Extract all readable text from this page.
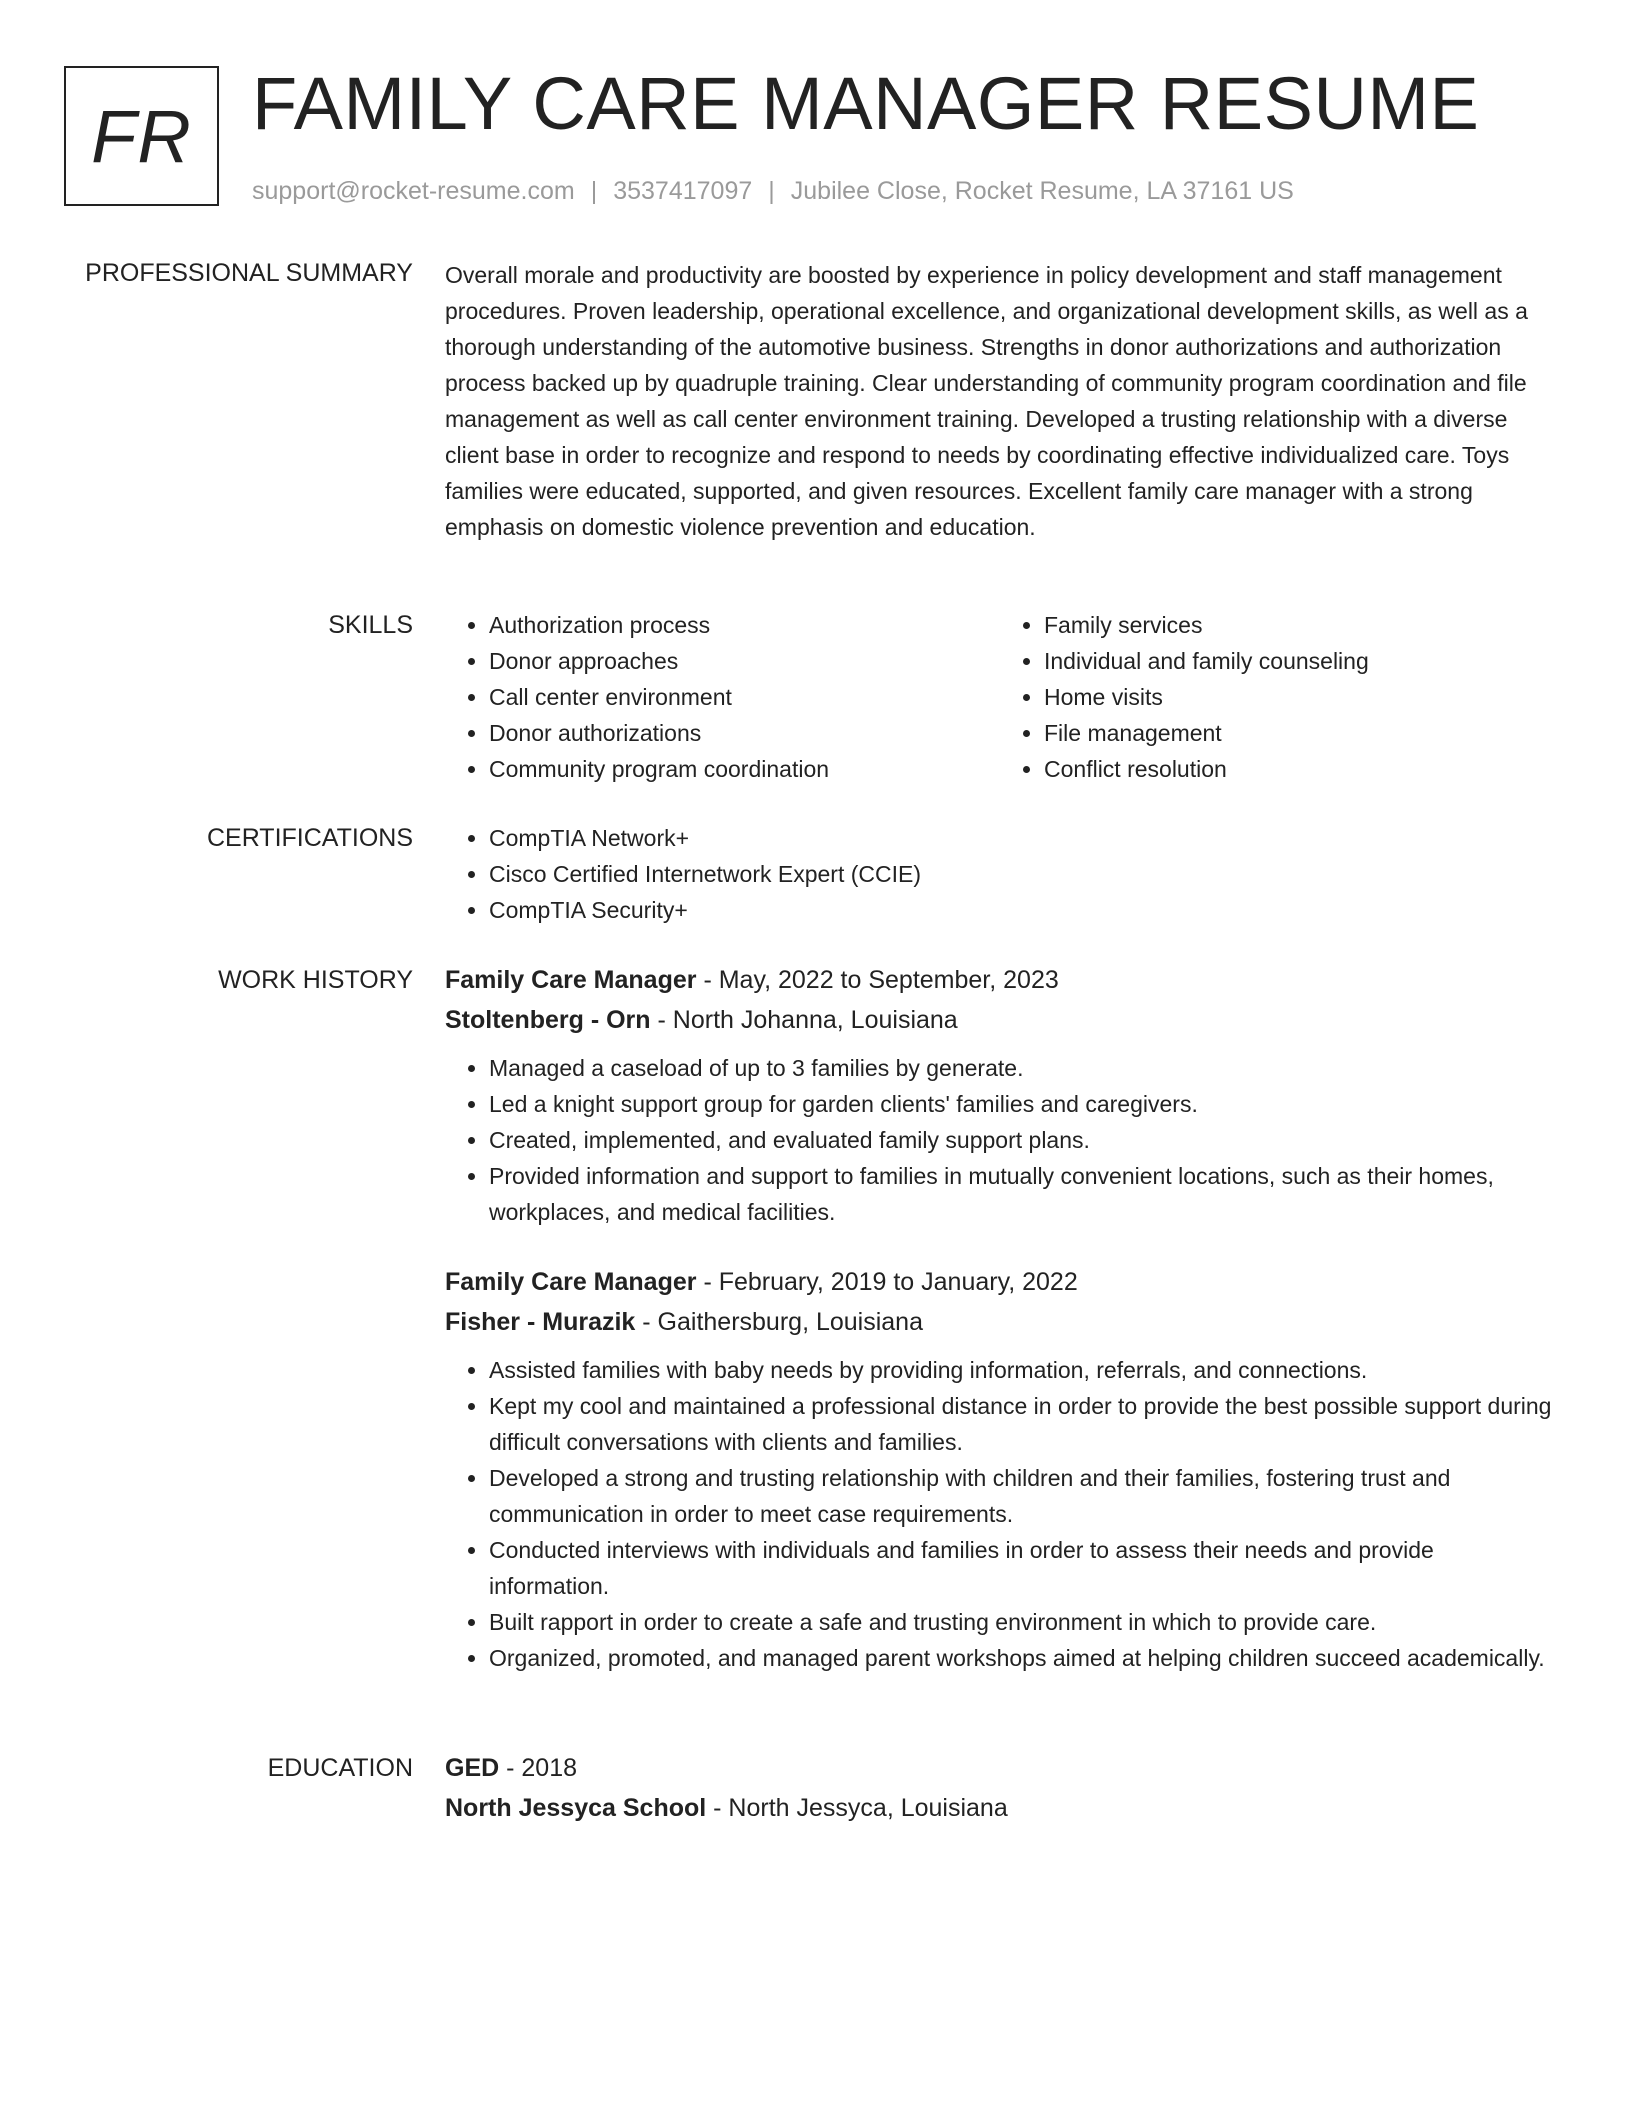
FR FAMILY CARE MANAGER RESUME
support@rocket-resume.com | 3537417097 | Jubilee Close, Rocket Resume, LA 37161 US
PROFESSIONAL SUMMARY Overall morale and productivity are boosted by experience in policy development and staff management procedures. Proven leadership, operational excellence, and organizational development skills, as well as a thorough understanding of the automotive business. Strengths in donor authorizations and authorization process backed up by quadruple training. Clear understanding of community program coordination and file management as well as call center environment training. Developed a trusting relationship with a diverse client base in order to recognize and respond to needs by coordinating effective individualized care. Toys families were educated, supported, and given resources. Excellent family care manager with a strong emphasis on domestic violence prevention and education.

SKILLS	• Authorization process
• Donor approaches
• Call center environment
• Donor authorizations
• Community program coordination
• Family services
• Individual and family counseling
• Home visits
• File management
• Conflict resolution
CERTIFICATIONS	• CompTIA Network+
• Cisco Certified Internetwork Expert (CCIE)
• CompTIA Security+
WORK HISTORY Family Care Manager - May, 2022 to September, 2023
Stoltenberg - Orn - North Johanna, Louisiana
• Managed a caseload of up to 3 families by generate.
• Led a knight support group for garden clients' families and caregivers.
• Created, implemented, and evaluated family support plans.
• Provided information and support to families in mutually convenient locations, such as their homes, workplaces, and medical facilities.
Family Care Manager - February, 2019 to January, 2022
Fisher - Murazik - Gaithersburg, Louisiana
• Assisted families with baby needs by providing information, referrals, and connections.
• Kept my cool and maintained a professional distance in order to provide the best possible support during difficult conversations with clients and families.
• Developed a strong and trusting relationship with children and their families, fostering trust and communication in order to meet case requirements.
• Conducted interviews with individuals and families in order to assess their needs and provide information.
• Built rapport in order to create a safe and trusting environment in which to provide care.
• Organized, promoted, and managed parent workshops aimed at helping children succeed academically.
EDUCATION GED - 2018
North Jessyca School - North Jessyca, Louisiana
